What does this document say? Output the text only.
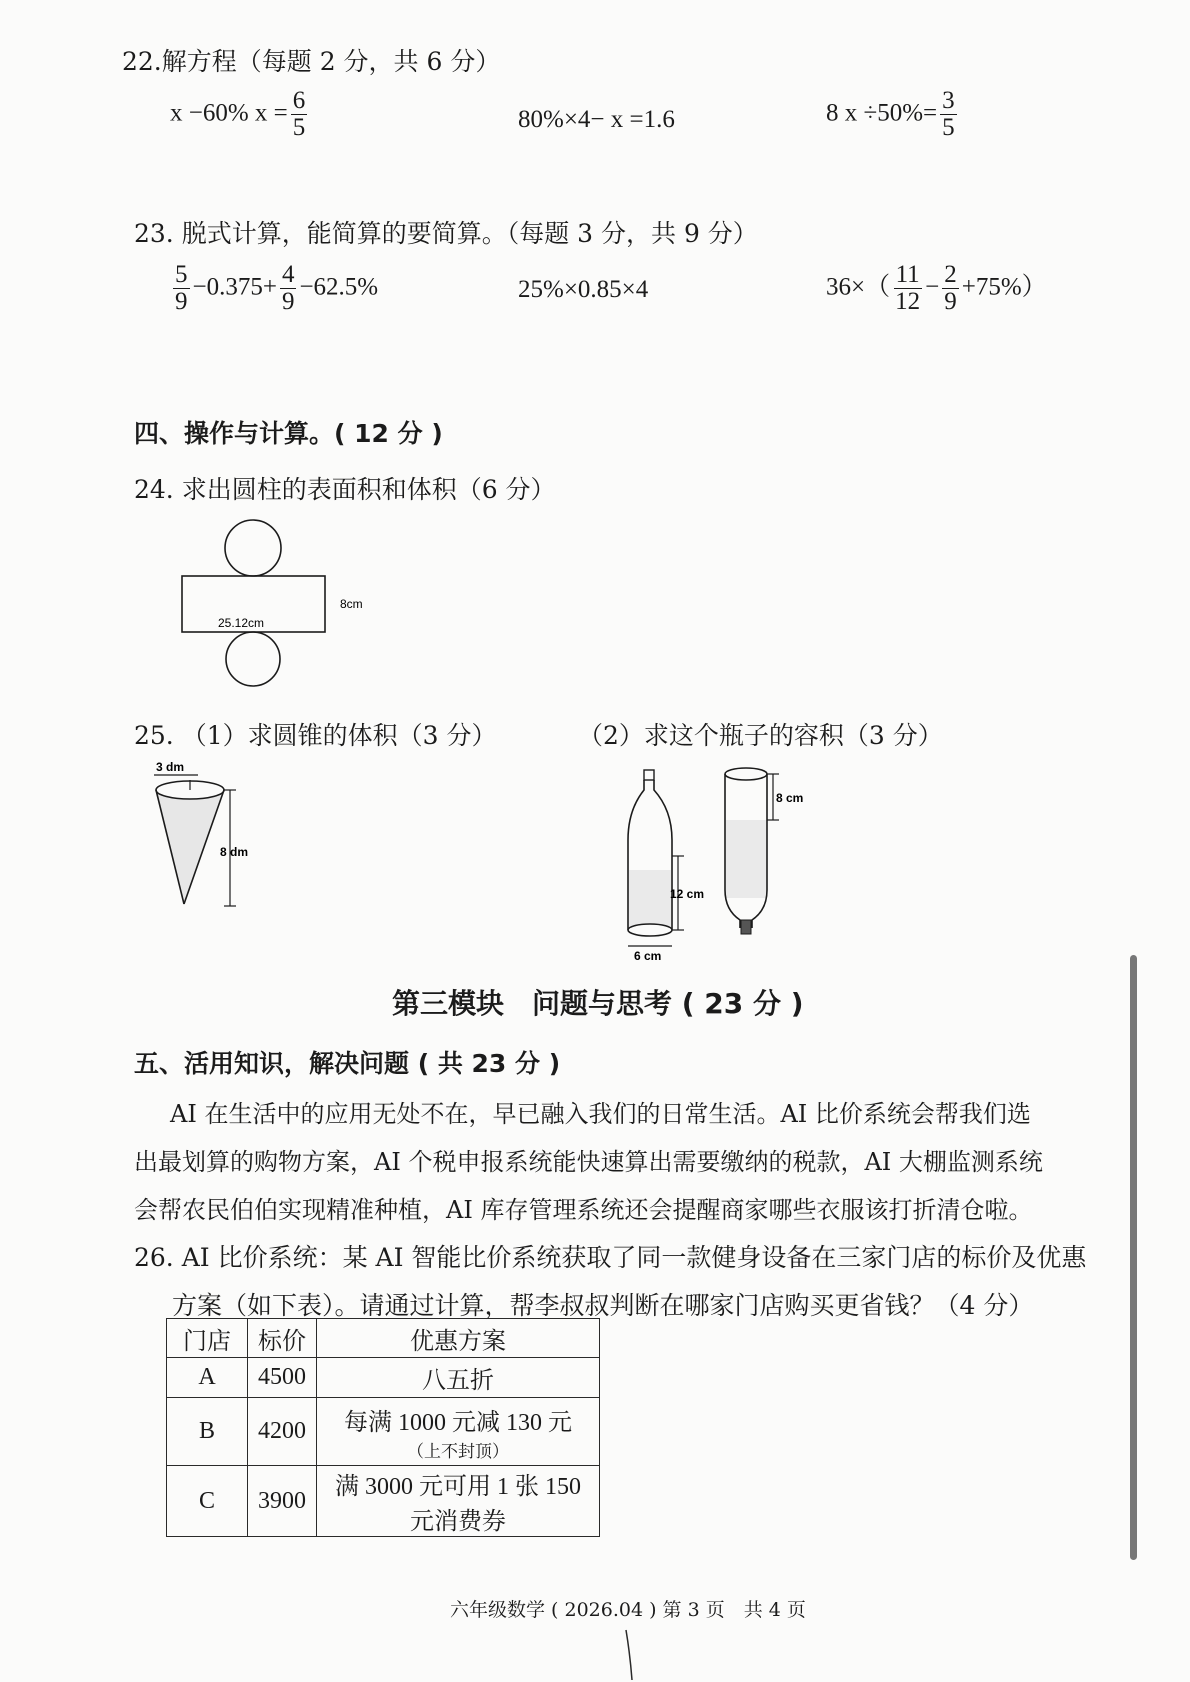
22.解方程（每题 2 分，共 6 分）
x −60% $x = \frac{6}{5}$	80%×4− x =1.6	8 $x \div 50\%= \frac{3}{5}$
23. 脱式计算，能简算的要简算。（每题 3 分，共 9 分）
$\frac{5}{9} -0.375+ \frac{4}{9} -62.5\%$	25%×0.85×4	$36\times( \frac{11}{12} - \frac{2}{9} +75\%)$
四、操作与计算。( 12 分 )
24. 求出圆柱的表面积和体积（6 分）
25.12cm
8cm
25. （1）求圆锥的体积（3 分）	（2）求这个瓶子的容积（3 分）
3 dm
8 dm
12 cm
6 cm
8 cm
第三模块　问题与思考 ( 23 分 )
五、活用知识，解决问题 ( 共 23 分 )
AI 在生活中的应用无处不在，早已融入我们的日常生活。AI 比价系统会帮我们选
出最划算的购物方案，AI 个税申报系统能快速算出需要缴纳的税款，AI 大棚监测系统
会帮农民伯伯实现精准种植，AI 库存管理系统还会提醒商家哪些衣服该打折清仓啦。
26. AI 比价系统：某 AI 智能比价系统获取了同一款健身设备在三家门店的标价及优惠
方案（如下表）。请通过计算，帮李叔叔判断在哪家门店购买更省钱？（4 分）
门店	标价	优惠方案
A	4500	八五折
B	4200	每满 1000 元减 130 元
（上不封顶）

C	3900	满 3000 元可用 1 张 150
元消费券
六年级数学 ( 2026.04 ) 第 3 页　共 4 页
